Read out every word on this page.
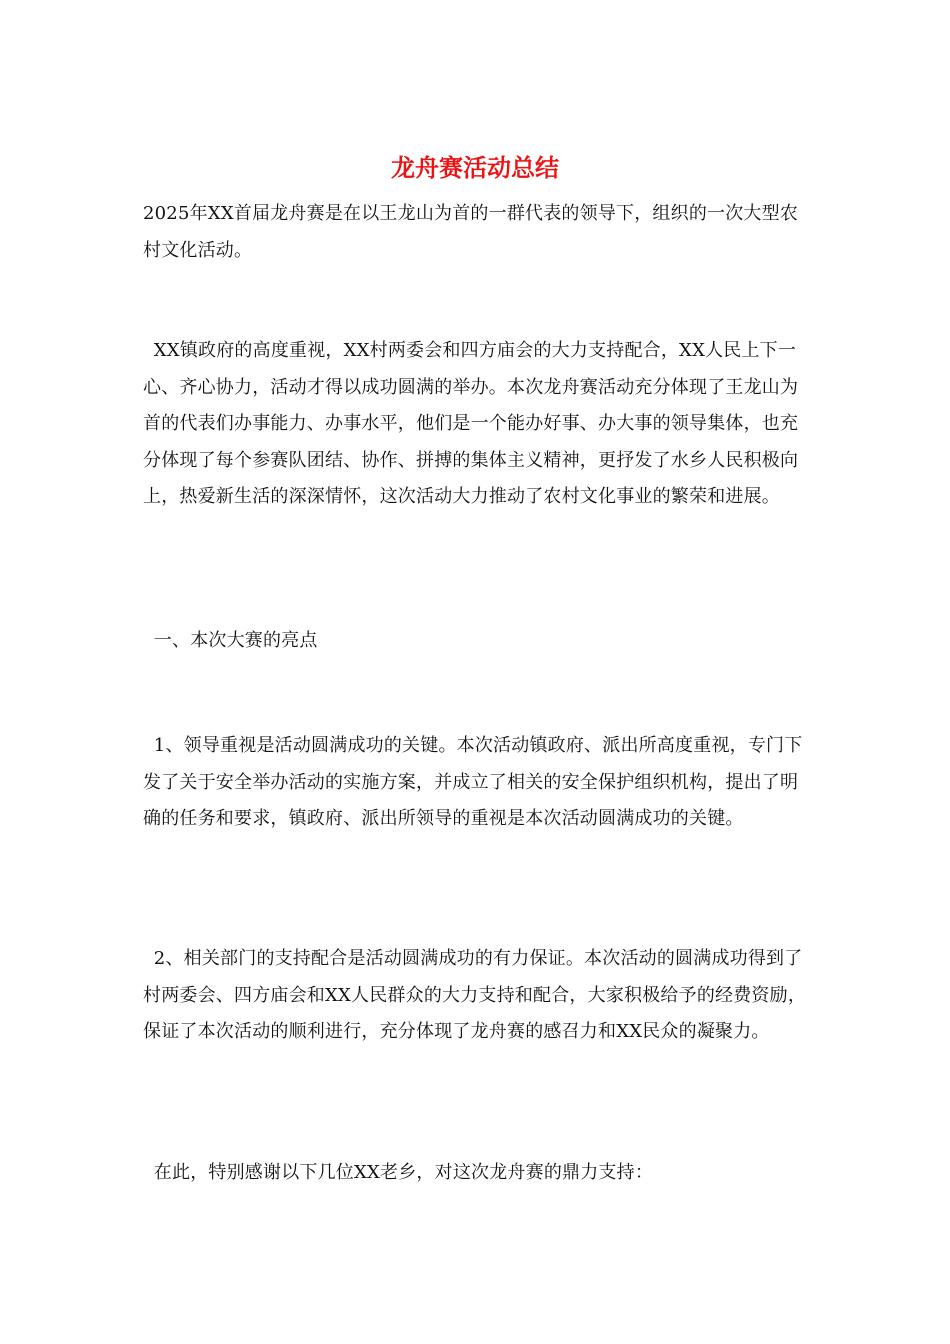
龙舟赛活动总结

2025年XX首届龙舟赛是在以王龙山为首的一群代表的领导下，组织的一次大型农村文化活动。

XX镇政府的高度重视，XX村两委会和四方庙会的大力支持配合，XX人民上下一心、齐心协力，活动才得以成功圆满的举办。本次龙舟赛活动充分体现了王龙山为首的代表们办事能力、办事水平，他们是一个能办好事、办大事的领导集体，也充分体现了每个参赛队团结、协作、拼搏的集体主义精神，更抒发了水乡人民积极向上，热爱新生活的深深情怀，这次活动大力推动了农村文化事业的繁荣和进展。

一、本次大赛的亮点

1、领导重视是活动圆满成功的关键。本次活动镇政府、派出所高度重视，专门下发了关于安全举办活动的实施方案，并成立了相关的安全保护组织机构，提出了明确的任务和要求，镇政府、派出所领导的重视是本次活动圆满成功的关键。

2、相关部门的支持配合是活动圆满成功的有力保证。本次活动的圆满成功得到了村两委会、四方庙会和XX人民群众的大力支持和配合，大家积极给予的经费资励，保证了本次活动的顺利进行，充分体现了龙舟赛的感召力和XX民众的凝聚力。

在此，特别感谢以下几位XX老乡，对这次龙舟赛的鼎力支持：
